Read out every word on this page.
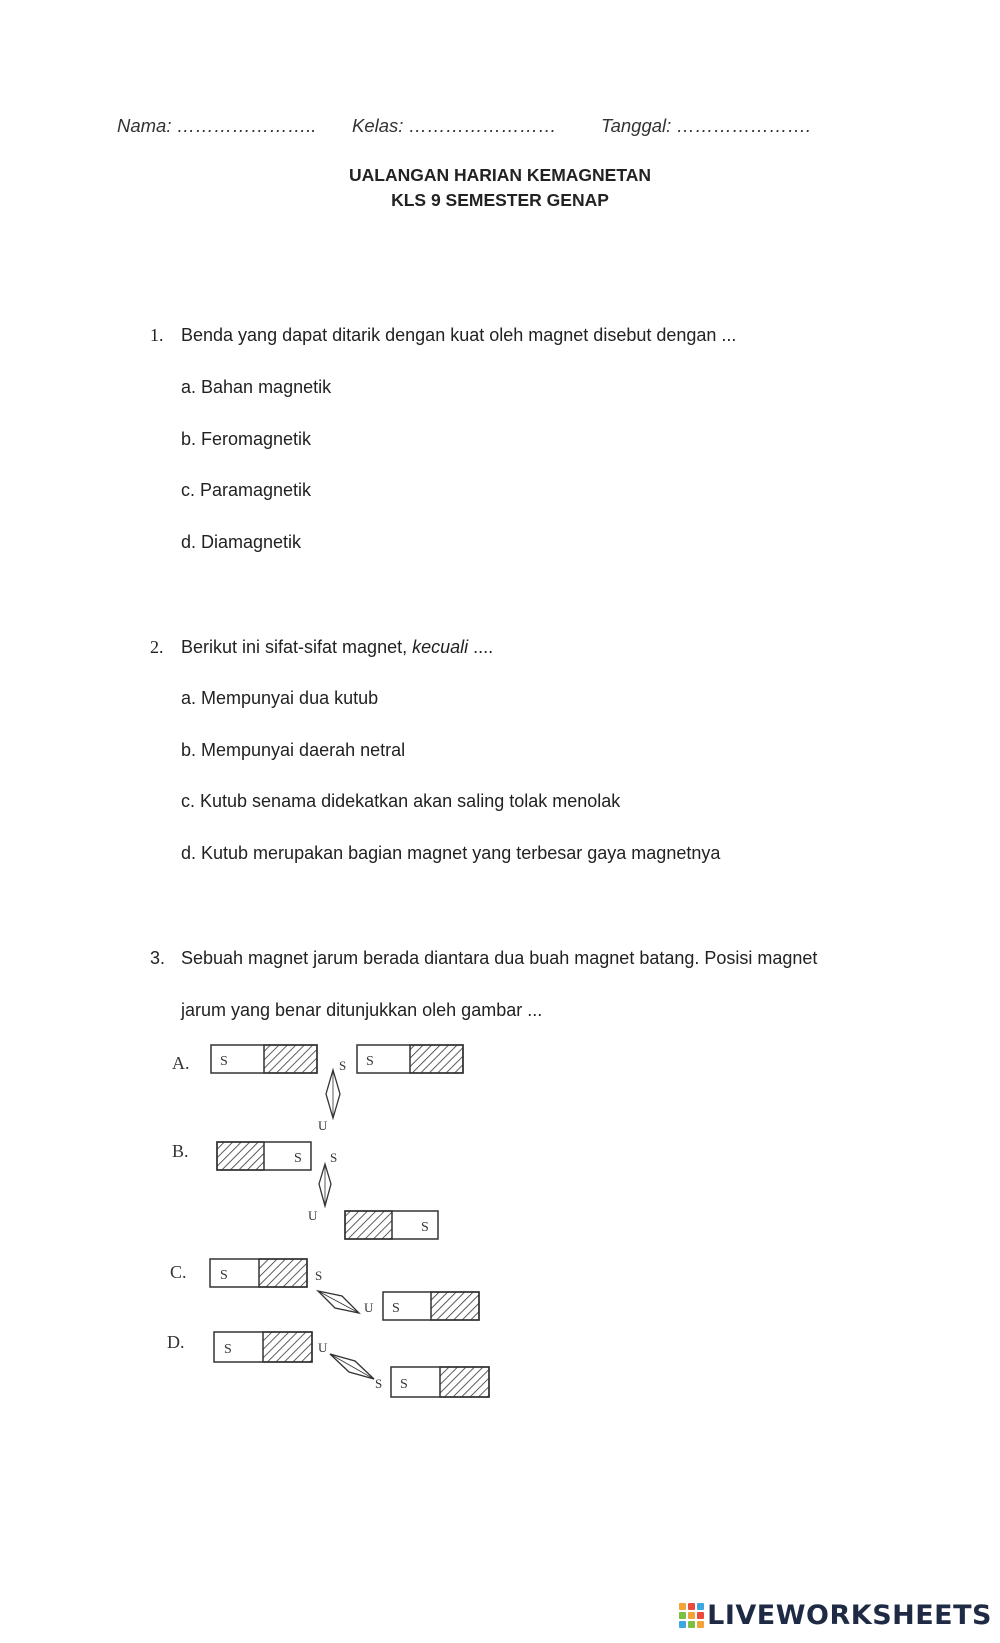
Nama: ………………….. Kelas: …………………… Tanggal: ………………….
UALANGAN HARIAN KEMAGNETAN
KLS 9 SEMESTER GENAP
1. Benda yang dapat ditarik dengan kuat oleh magnet disebut dengan ...
a. Bahan magnetik
b. Feromagnetik
c. Paramagnetik
d. Diamagnetik
2. Berikut ini sifat-sifat magnet, kecuali ....
a. Mempunyai dua kutub
b. Mempunyai daerah netral
c. Kutub senama didekatkan akan saling tolak menolak
d. Kutub merupakan bagian magnet yang terbesar gaya magnetnya
3. Sebuah magnet jarum berada diantara dua buah magnet batang. Posisi magnet
jarum yang benar ditunjukkan oleh gambar ...
A. S	S
S
U
B.	S S
U
S
C. S	S
U S
D.	S	U
S S
LIVEWORKSHEETS
